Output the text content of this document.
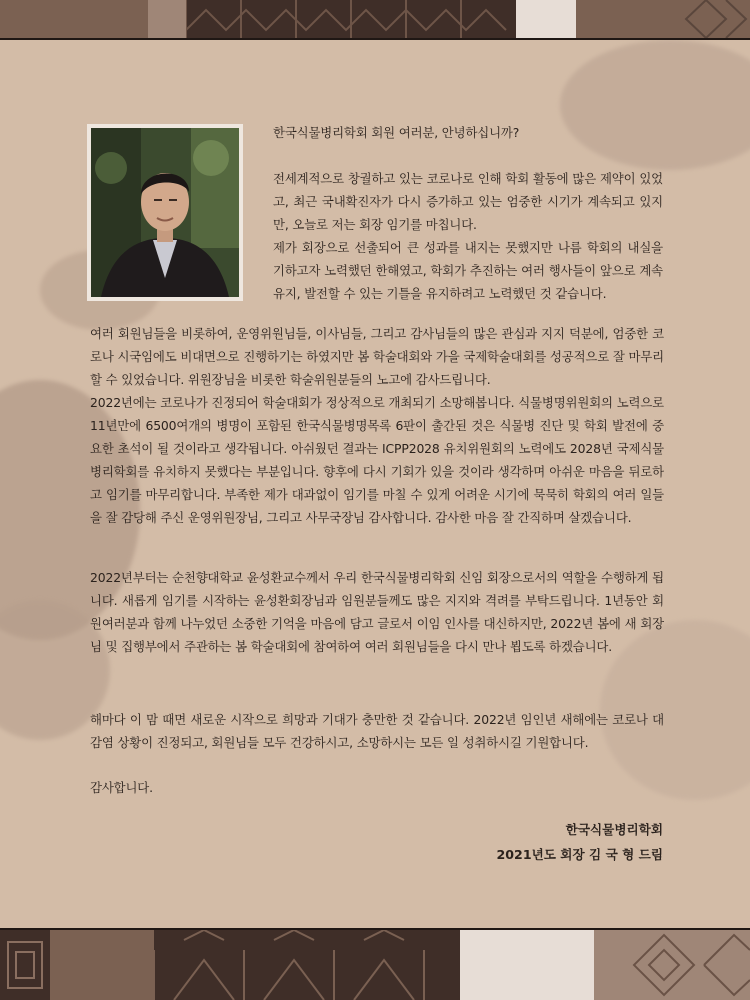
한국식물병리학회 회원 여러분, 안녕하십니까?
전세계적으로 창궐하고 있는 코로나로 인해 학회 활동에 많은 제약이 있었고, 최근 국내확진자가 다시 증가하고 있는 엄중한 시기가 계속되고 있지만, 오늘로 저는 회장 임기를 마칩니다.
제가 회장으로 선출되어 큰 성과를 내지는 못했지만 나름 학회의 내실을 기하고자 노력했던 한해였고, 학회가 추진하는 여러 행사들이 앞으로 계속 유지, 발전할 수 있는 기틀을 유지하려고 노력했던 것 같습니다.
여러 회원님들을 비롯하여, 운영위원님들, 이사님들, 그리고 감사님들의 많은 관심과 지지 덕분에, 엄중한 코로나 시국임에도 비대면으로 진행하기는 하였지만 봄 학술대회와 가을 국제학술대회를 성공적으로 잘 마무리할 수 있었습니다. 위원장님을 비롯한 학술위원분들의 노고에 감사드립니다.
2022년에는 코로나가 진정되어 학술대회가 정상적으로 개최되기 소망해봅니다. 식물병명위원회의 노력으로 11년만에 6500여개의 병명이 포함된 한국식물병명목록 6판이 출간된 것은 식물병 진단 및 학회 발전에 중요한 초석이 될 것이라고 생각됩니다. 아쉬웠던 결과는 ICPP2028 유치위원회의 노력에도 2028년 국제식물병리학회를 유치하지 못했다는 부분입니다. 향후에 다시 기회가 있을 것이라 생각하며 아쉬운 마음을 뒤로하고 임기를 마무리합니다. 부족한 제가 대과없이 임기를 마칠 수 있게 어려운 시기에 묵묵히 학회의 여러 일들을 잘 감당해 주신 운영위원장님, 그리고 사무국장님 감사합니다. 감사한 마음 잘 간직하며 살겠습니다.
2022년부터는 순천향대학교 윤성환교수께서 우리 한국식물병리학회 신임 회장으로서의 역할을 수행하게 됩니다. 새롭게 임기를 시작하는 윤성환회장님과 임원분들께도 많은 지지와 격려를 부탁드립니다. 1년동안 회원여러분과 함께 나누었던 소중한 기억을 마음에 담고 글로서 이임 인사를 대신하지만, 2022년 봄에 새 회장님 및 집행부에서 주관하는 봄 학술대회에 참여하여 여러 회원님들을 다시 만나 뵙도록 하겠습니다.
해마다 이 맘 때면 새로운 시작으로 희망과 기대가 충만한 것 같습니다. 2022년 임인년 새해에는 코로나 대감염 상황이 진정되고, 회원님들 모두 건강하시고, 소망하시는 모든 일 성취하시길 기원합니다.
감사합니다.
한국식물병리학회
2021년도 회장 김 국 형 드림
